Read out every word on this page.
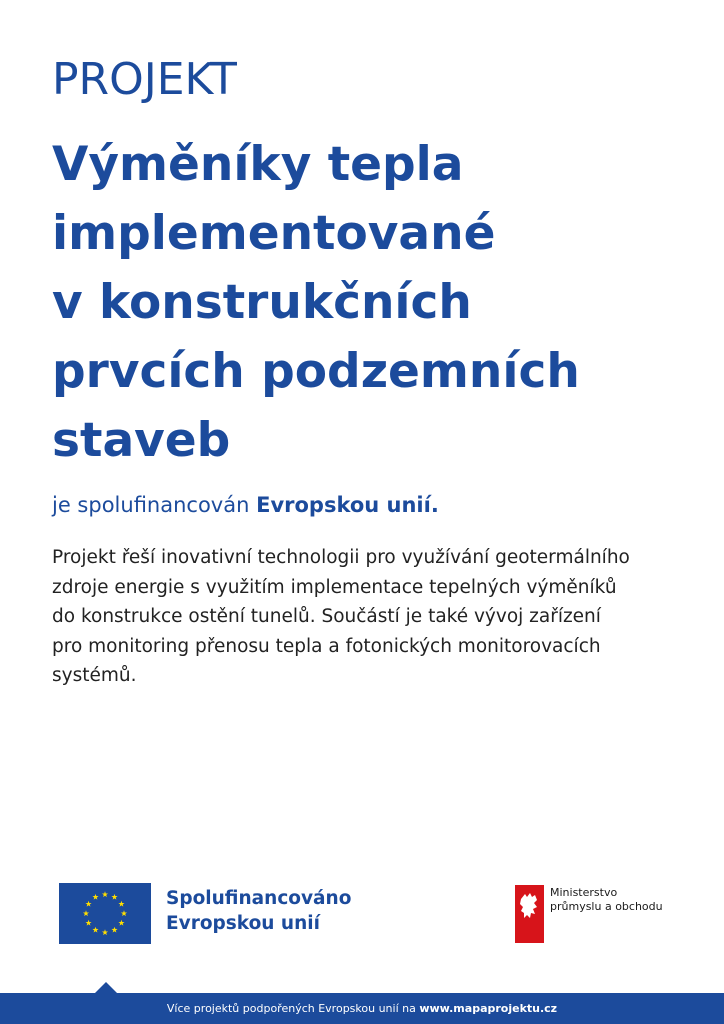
PROJEKT
Výměníky tepla
implementované
v konstrukčních
prvcích podzemních
staveb
je spolufinancován Evropskou unií.
Projekt řeší inovativní technologii pro využívání geotermálního
zdroje energie s využitím implementace tepelných výměníků
do konstrukce ostění tunelů. Součástí je také vývoj zařízení
pro monitoring přenosu tepla a fotonických monitorovacích
systémů.
Spolufinancováno
Evropskou unií
Ministerstvo
průmyslu a obchodu
Více projektů podpořených Evropskou unií na www.mapaprojektu.cz
